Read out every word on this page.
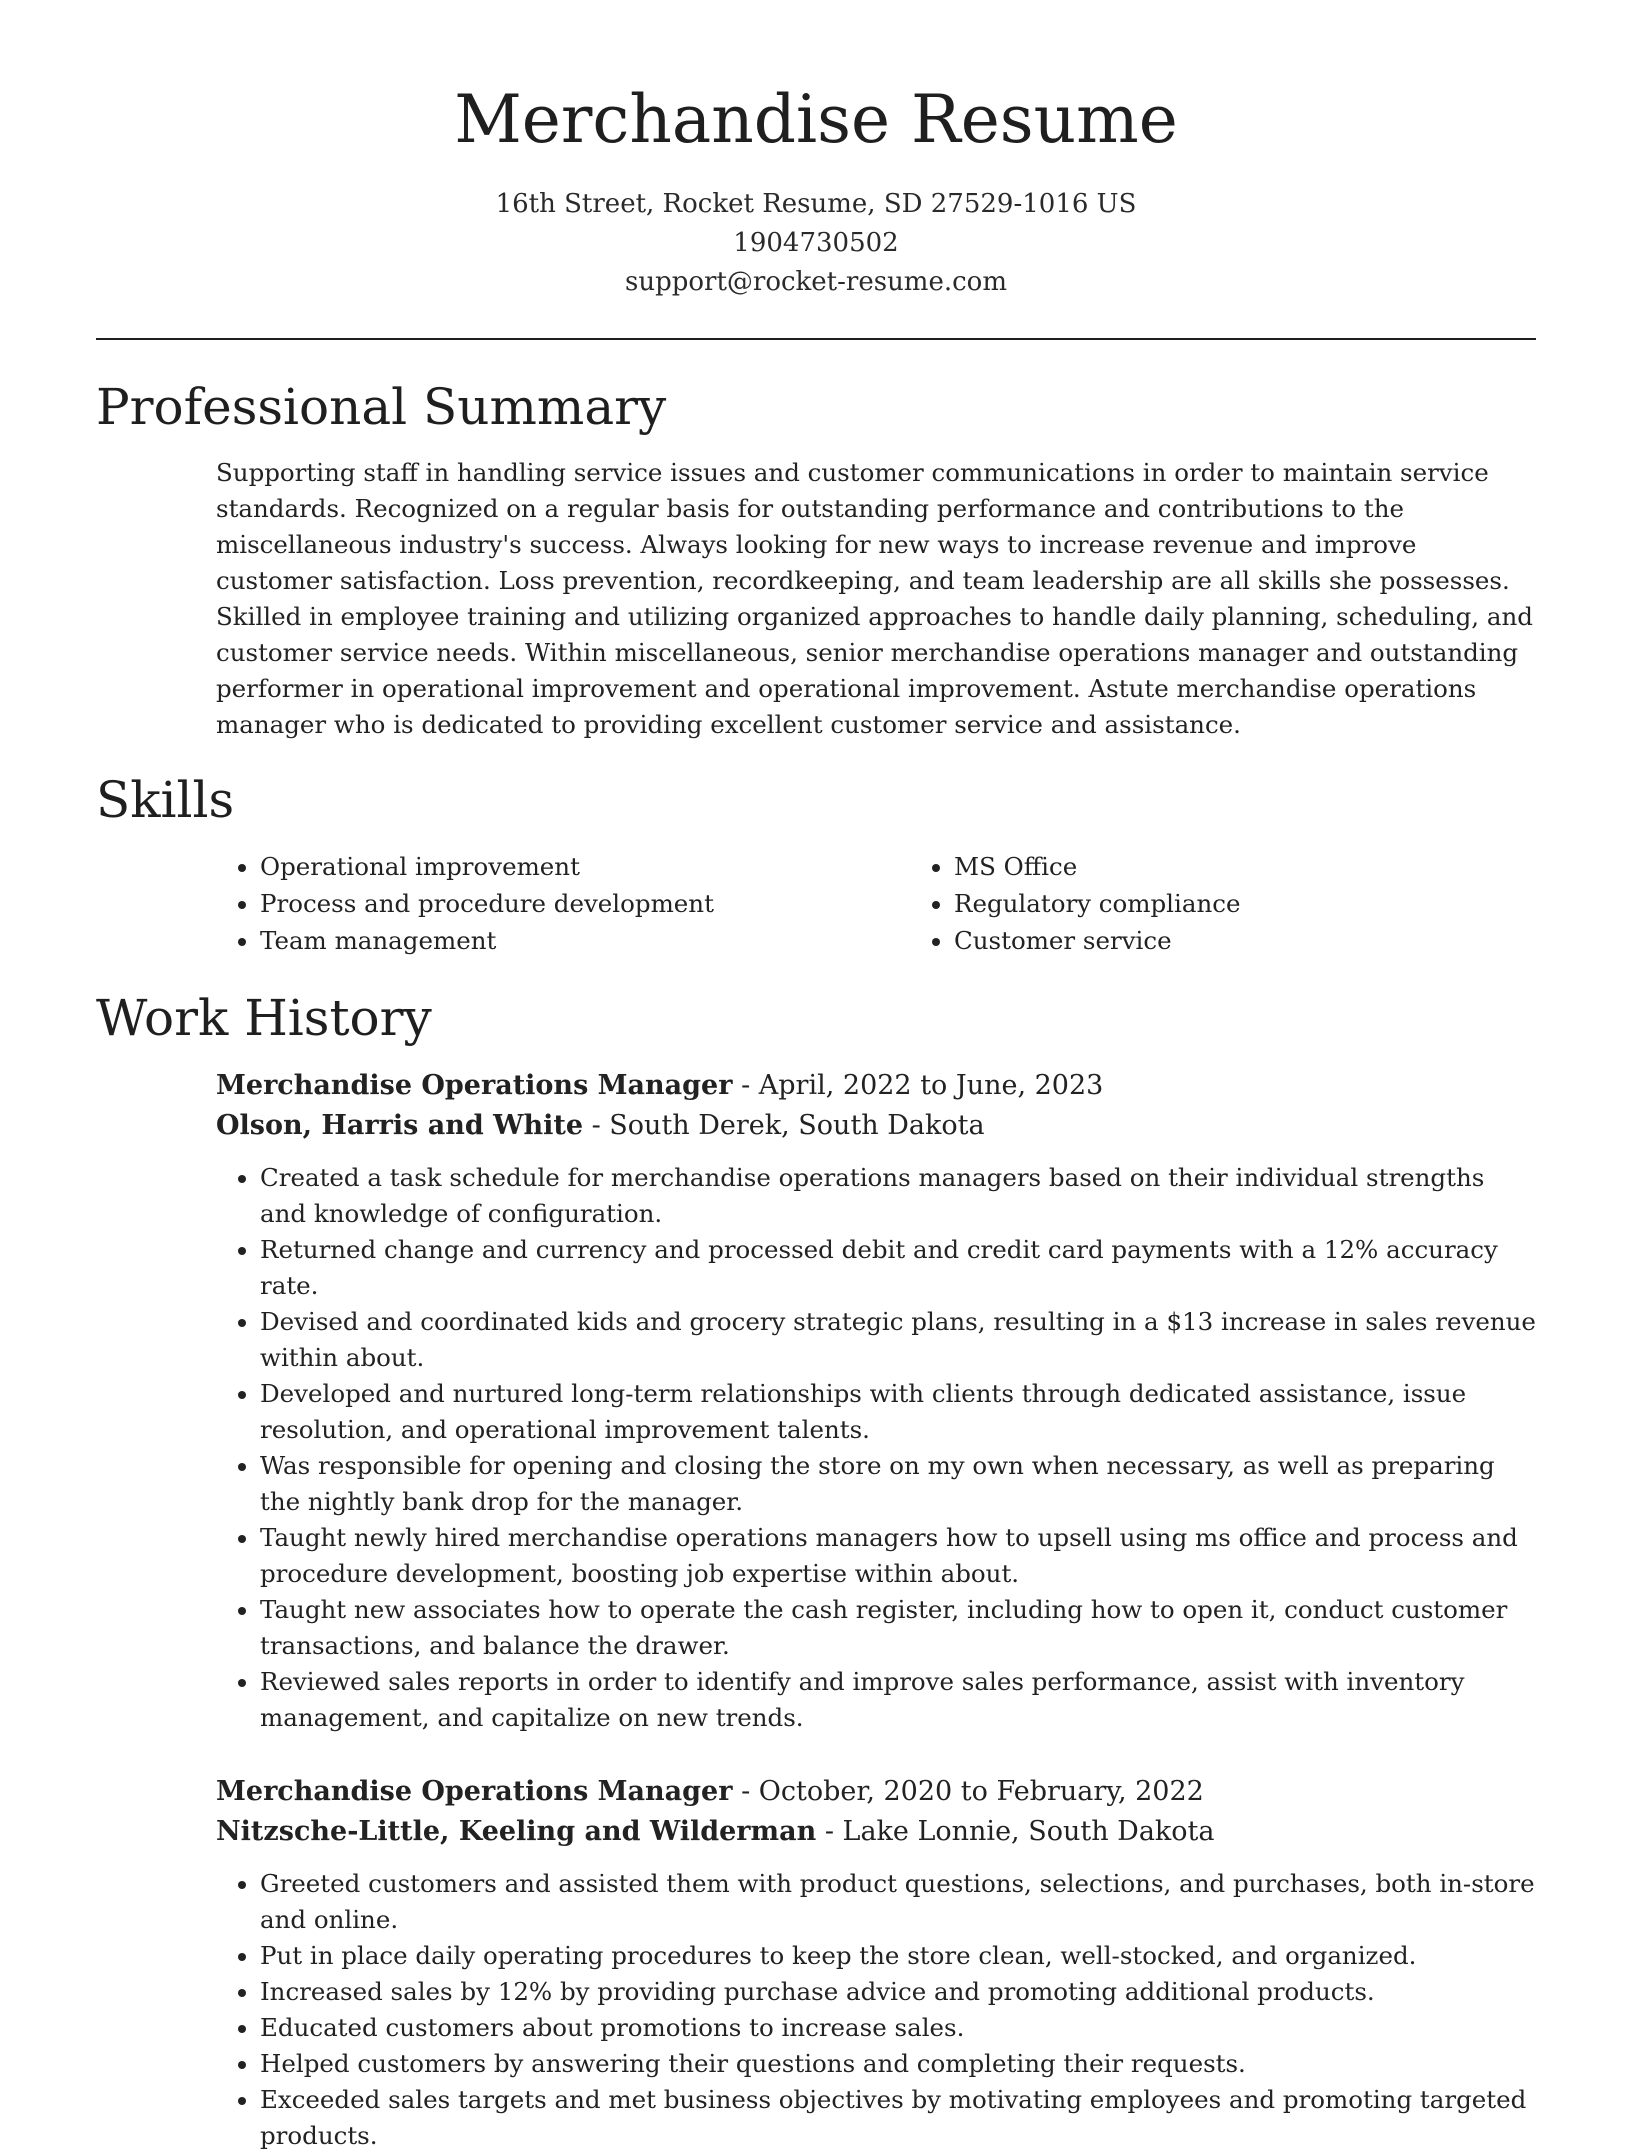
Merchandise Resume
16th Street, Rocket Resume, SD 27529-1016 US
1904730502
support@rocket-resume.com
Professional Summary
Supporting staff in handling service issues and customer communications in order to maintain service standards. Recognized on a regular basis for outstanding performance and contributions to the miscellaneous industry's success. Always looking for new ways to increase revenue and improve customer satisfaction. Loss prevention, recordkeeping, and team leadership are all skills she possesses. Skilled in employee training and utilizing organized approaches to handle daily planning, scheduling, and customer service needs. Within miscellaneous, senior merchandise operations manager and outstanding performer in operational improvement and operational improvement. Astute merchandise operations manager who is dedicated to providing excellent customer service and assistance.
Skills
• Operational improvement
• Process and procedure development
• Team management
• MS Office
• Regulatory compliance
• Customer service
Work History
Merchandise Operations Manager - April, 2022 to June, 2023
Olson, Harris and White - South Derek, South Dakota
• Created a task schedule for merchandise operations managers based on their individual strengths and knowledge of configuration.
• Returned change and currency and processed debit and credit card payments with a 12% accuracy rate.
• Devised and coordinated kids and grocery strategic plans, resulting in a $13 increase in sales revenue within about.
• Developed and nurtured long-term relationships with clients through dedicated assistance, issue resolution, and operational improvement talents.
• Was responsible for opening and closing the store on my own when necessary, as well as preparing the nightly bank drop for the manager.
• Taught newly hired merchandise operations managers how to upsell using ms office and process and procedure development, boosting job expertise within about.
• Taught new associates how to operate the cash register, including how to open it, conduct customer transactions, and balance the drawer.
• Reviewed sales reports in order to identify and improve sales performance, assist with inventory management, and capitalize on new trends.
Merchandise Operations Manager - October, 2020 to February, 2022
Nitzsche-Little, Keeling and Wilderman - Lake Lonnie, South Dakota
• Greeted customers and assisted them with product questions, selections, and purchases, both in-store and online.
• Put in place daily operating procedures to keep the store clean, well-stocked, and organized.
• Increased sales by 12% by providing purchase advice and promoting additional products.
• Educated customers about promotions to increase sales.
• Helped customers by answering their questions and completing their requests.
• Exceeded sales targets and met business objectives by motivating employees and promoting targeted products.
